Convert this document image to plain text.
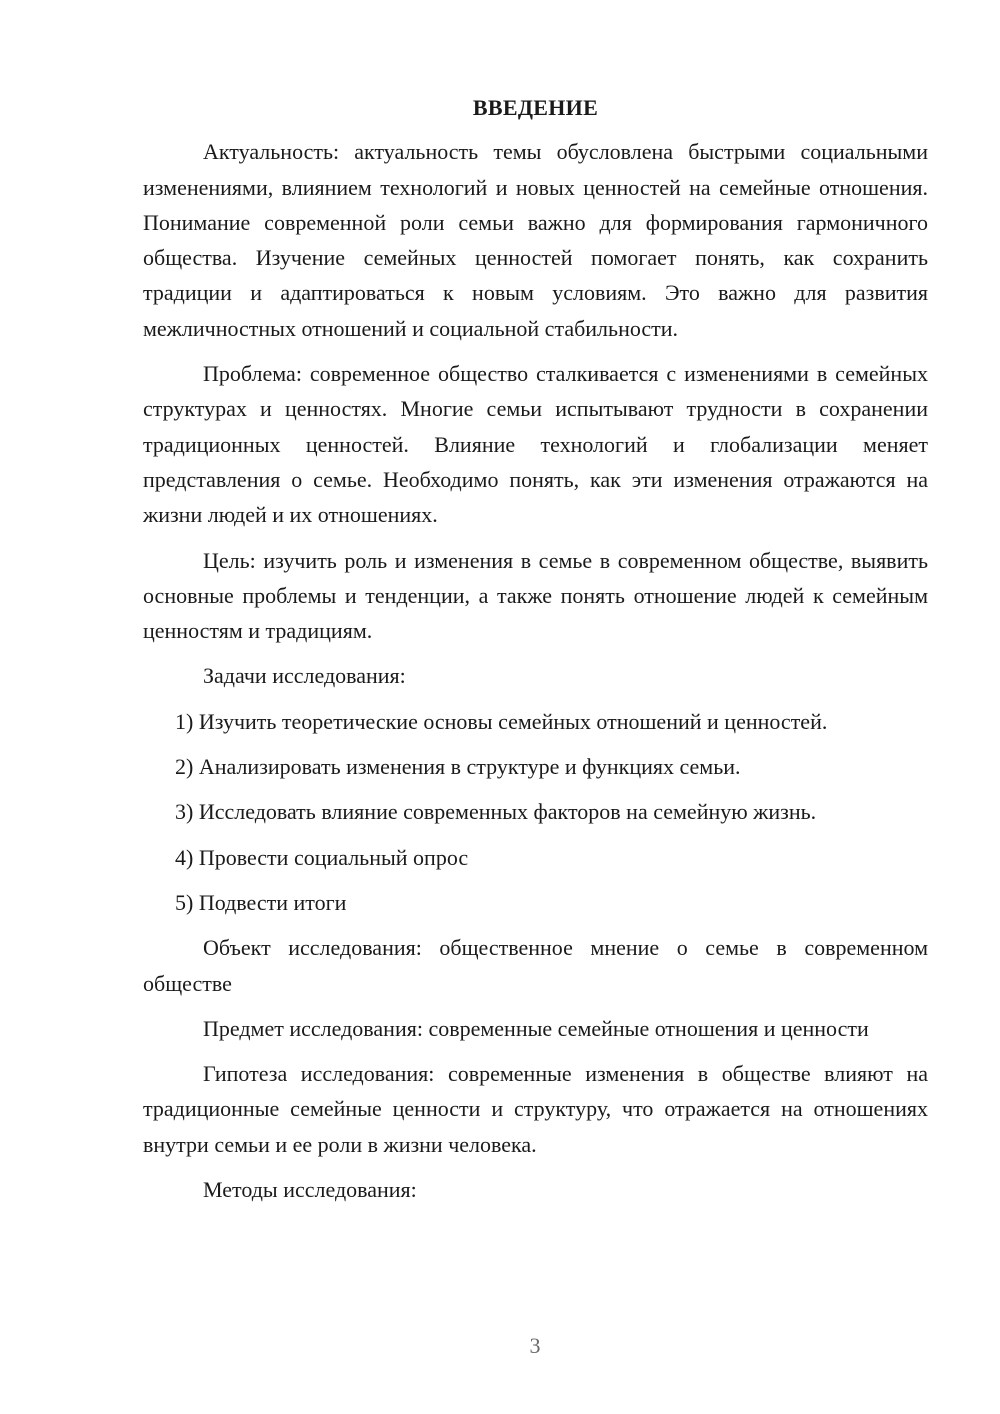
ВВЕДЕНИЕ

Актуальность: актуальность темы обусловлена быстрыми социальными изменениями, влиянием технологий и новых ценностей на семейные отношения. Понимание современной роли семьи важно для формирования гармоничного общества. Изучение семейных ценностей помогает понять, как сохранить традиции и адаптироваться к новым условиям. Это важно для развития межличностных отношений и социальной стабильности.

Проблема: современное общество сталкивается с изменениями в семейных структурах и ценностях. Многие семьи испытывают трудности в сохранении традиционных ценностей. Влияние технологий и глобализации меняет представления о семье. Необходимо понять, как эти изменения отражаются на жизни людей и их отношениях.

Цель: изучить роль и изменения в семье в современном обществе, выявить основные проблемы и тенденции, а также понять отношение людей к семейным ценностям и традициям.

Задачи исследования:

1) Изучить теоретические основы семейных отношений и ценностей.

2) Анализировать изменения в структуре и функциях семьи.

3) Исследовать влияние современных факторов на семейную жизнь.

4) Провести социальный опрос

5) Подвести итоги

Объект исследования: общественное мнение о семье в современном обществе

Предмет исследования: современные семейные отношения и ценности

Гипотеза исследования: современные изменения в обществе влияют на традиционные семейные ценности и структуру, что отражается на отношениях внутри семьи и ее роли в жизни человека.

Методы исследования:

3
